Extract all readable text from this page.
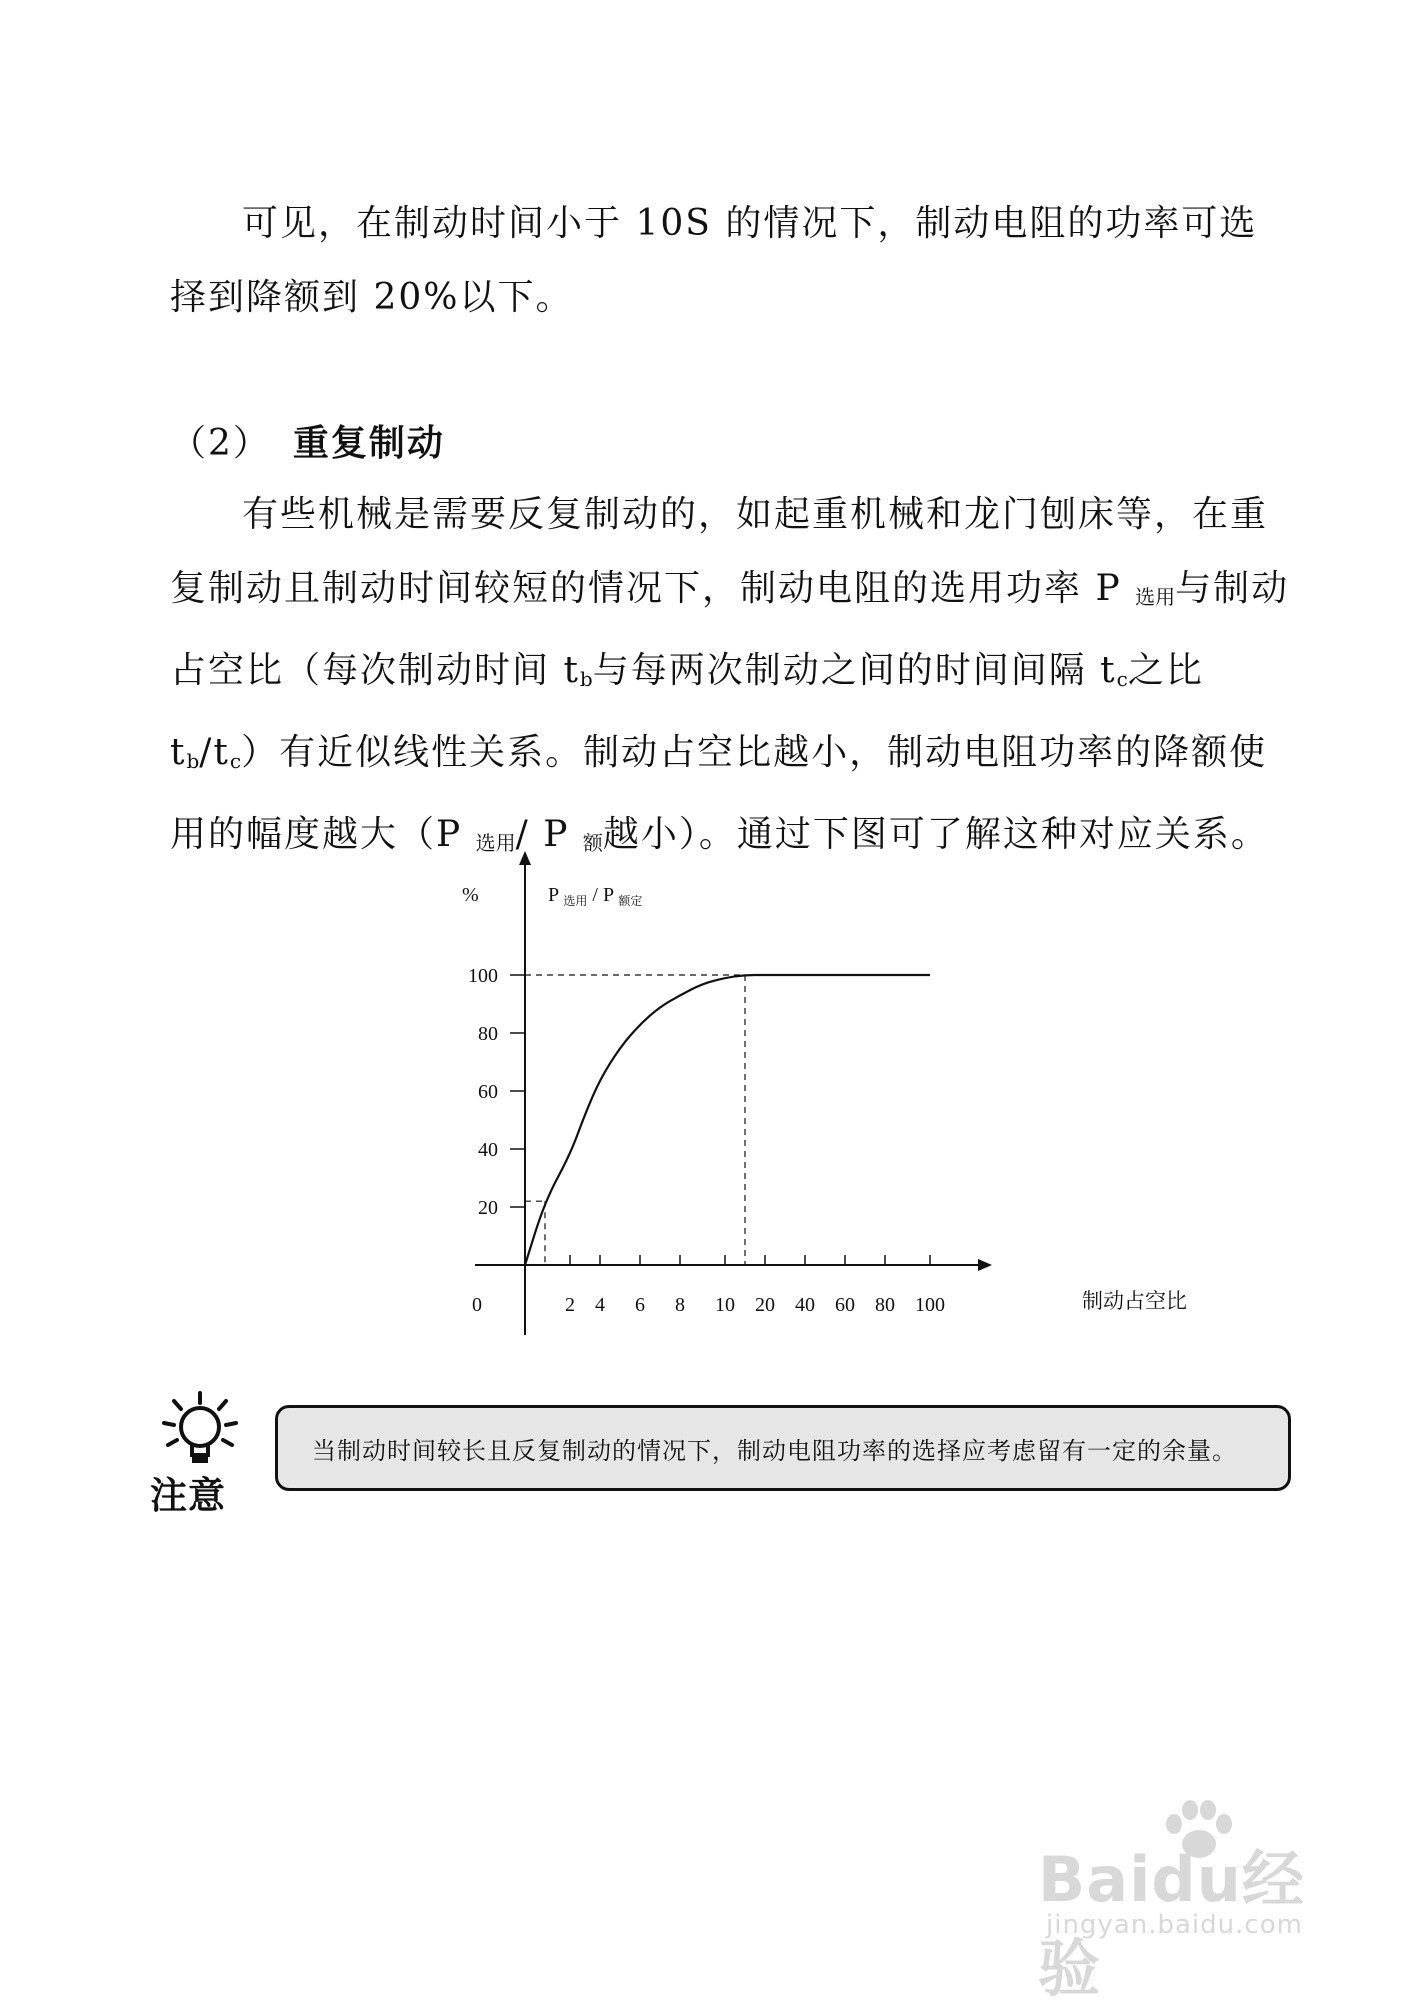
可见，在制动时间小于 10S 的情况下，制动电阻的功率可选择到降额到 20%以下。
（2） 重复制动
有些机械是需要反复制动的，如起重机械和龙门刨床等，在重复制动且制动时间较短的情况下，制动电阻的选用功率 P $_{选用}$与制动占空比（每次制动时间 $t_b$与每两次制动之间的时间间隔 $t_c$之比 $t_b/t_c$）有近似线性关系。制动占空比越小，制动电阻功率的降额使用的幅度越大（P $_{选用}$/ P $_额$越小）。通过下图可了解这种对应关系。
20
40
60
80
100
2 4 6 8 10 20 40 60 80 100
%	P $_{选用}$ / P $_{额定}$
0	制动占空比
注意
当制动时间较长且反复制动的情况下，制动电阻功率的选择应考虑留有一定的余量。
Baidu经验
jingyan.baidu.com
